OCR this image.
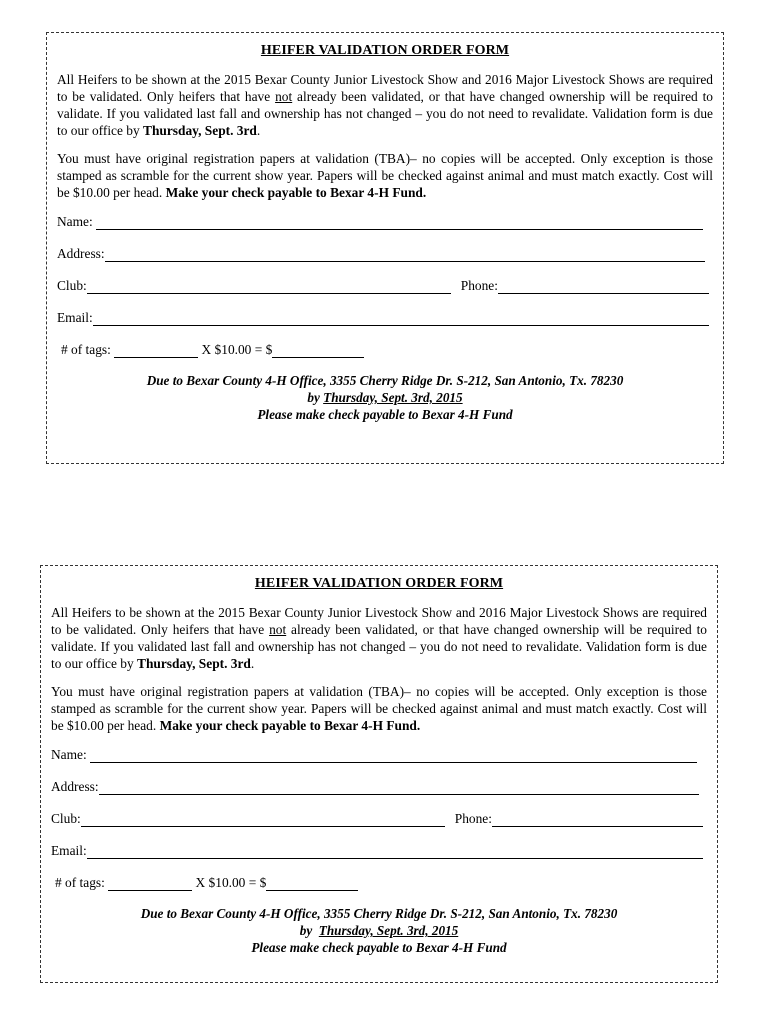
HEIFER VALIDATION ORDER FORM

All Heifers to be shown at the 2015 Bexar County Junior Livestock Show and 2016 Major Livestock Shows are required to be validated. Only heifers that have not already been validated, or that have changed ownership will be required to validate. If you validated last fall and ownership has not changed – you do not need to revalidate. Validation form is due to our office by Thursday, Sept. 3rd.

You must have original registration papers at validation (TBA)– no copies will be accepted. Only exception is those stamped as scramble for the current show year. Papers will be checked against animal and must match exactly. Cost will be $10.00 per head. Make your check payable to Bexar 4-H Fund.

Name:
Address:
Club:	Phone:
Email:
# of tags:	X $10.00 = $
Due to Bexar County 4-H Office, 3355 Cherry Ridge Dr. S-212, San Antonio, Tx. 78230
by Thursday, Sept. 3rd, 2015
Please make check payable to Bexar 4-H Fund
HEIFER VALIDATION ORDER FORM

All Heifers to be shown at the 2015 Bexar County Junior Livestock Show and 2016 Major Livestock Shows are required to be validated. Only heifers that have not already been validated, or that have changed ownership will be required to validate. If you validated last fall and ownership has not changed – you do not need to revalidate. Validation form is due to our office by Thursday, Sept. 3rd.

You must have original registration papers at validation (TBA)– no copies will be accepted. Only exception is those stamped as scramble for the current show year. Papers will be checked against animal and must match exactly. Cost will be $10.00 per head. Make your check payable to Bexar 4-H Fund.

Name:
Address:
Club:	Phone:
Email:
# of tags:	X $10.00 = $
Due to Bexar County 4-H Office, 3355 Cherry Ridge Dr. S-212, San Antonio, Tx. 78230
by  Thursday, Sept. 3rd, 2015
Please make check payable to Bexar 4-H Fund
